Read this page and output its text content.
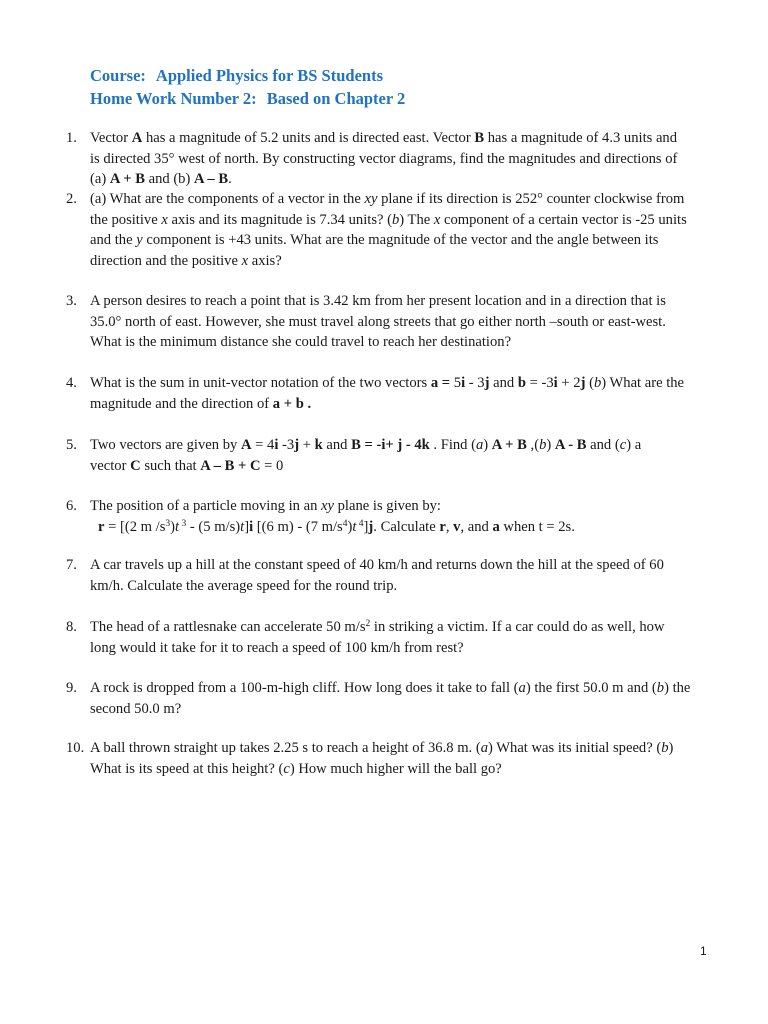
Course: Applied Physics for BS Students
Home Work Number 2: Based on Chapter 2
1. Vector A has a magnitude of 5.2 units and is directed east. Vector B has a magnitude of 4.3 units and
is directed 35° west of north. By constructing vector diagrams, find the magnitudes and directions of
(a) A + B and (b) A – B.
2. (a) What are the components of a vector in the xy plane if its direction is 252° counter clockwise from
the positive x axis and its magnitude is 7.34 units? (b) The x component of a certain vector is -25 units
and the y component is +43 units. What are the magnitude of the vector and the angle between its
direction and the positive x axis?
3. A person desires to reach a point that is 3.42 km from her present location and in a direction that is
35.0° north of east. However, she must travel along streets that go either north –south or east-west.
What is the minimum distance she could travel to reach her destination?
4. What is the sum in unit-vector notation of the two vectors a = 5i - 3j and b = -3i + 2j (b) What are the
magnitude and the direction of a + b .
5. Two vectors are given by A = 4i -3j + k and B = -i+ j - 4k . Find (a) A + B ,(b) A - B and (c) a
vector C such that A – B + C = 0
6. The position of a particle moving in an xy plane is given by:
r = [(2 m $/s^3)t$ $^3$ - (5 m/s)t]i [(6 m) - (7 $m/s^4)t$ $^4$]j. Calculate r, v, and a when t = 2s.
7. A car travels up a hill at the constant speed of 40 km/h and returns down the hill at the speed of 60
km/h. Calculate the average speed for the round trip.
8. The head of a rattlesnake can accelerate 50 $m/s^2$ in striking a victim. If a car could do as well, how
long would it take for it to reach a speed of 100 km/h from rest?
9. A rock is dropped from a 100-m-high cliff. How long does it take to fall (a) the first 50.0 m and (b) the
second 50.0 m?
10. A ball thrown straight up takes 2.25 s to reach a height of 36.8 m. (a) What was its initial speed? (b)
What is its speed at this height? (c) How much higher will the ball go?
1
